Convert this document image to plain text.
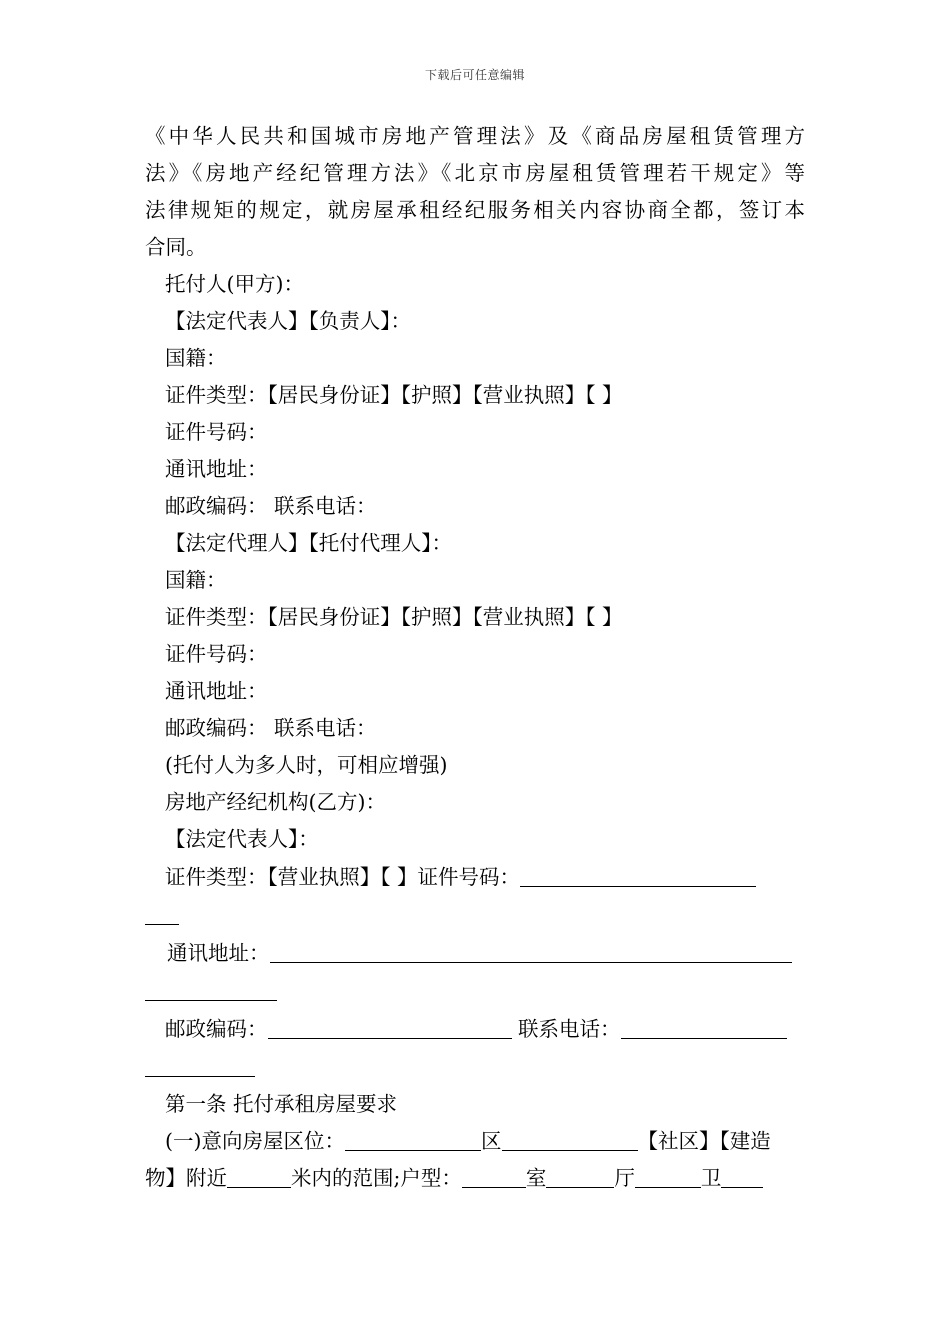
下载后可任意编辑
《中华人民共和国城市房地产管理法》及《商品房屋租赁管理方
法》《房地产经纪管理方法》《北京市房屋租赁管理若干规定》等
法律规矩的规定，就房屋承租经纪服务相关内容协商全都，签订本
合同。
托付人(甲方)：
【法定代表人】【负责人】：
国籍：
证件类型：【居民身份证】【护照】【营业执照】【 】
证件号码：
通讯地址：
邮政编码： 联系电话：
【法定代理人】【托付代理人】：
国籍：
证件类型：【居民身份证】【护照】【营业执照】【 】
证件号码：
通讯地址：
邮政编码： 联系电话：
(托付人为多人时，可相应增强)
房地产经纪机构(乙方)：
【法定代表人】：
证件类型：【营业执照】【 】证件号码：
通讯地址：
邮政编码：	联系电话：
第一条 托付承租房屋要求
(一)意向房屋区位：	区	【社区】【建造
物】附近	米内的范围;户型：	室	厅	卫
